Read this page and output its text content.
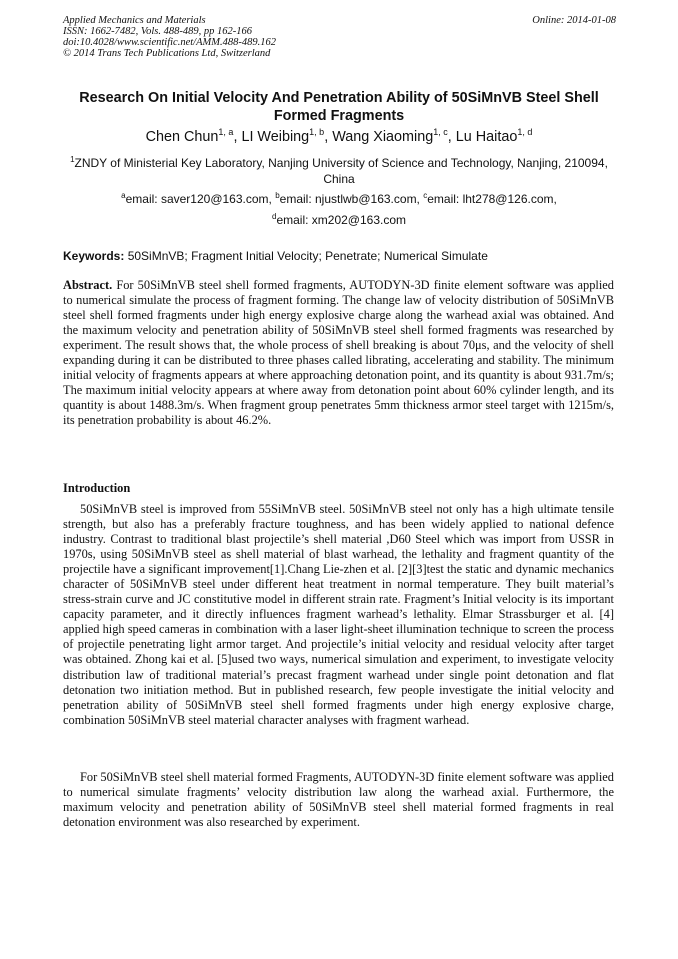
Applied Mechanics and Materials
ISSN: 1662-7482, Vols. 488-489, pp 162-166
doi:10.4028/www.scientific.net/AMM.488-489.162
© 2014 Trans Tech Publications Ltd, Switzerland
Online: 2014-01-08
Research On Initial Velocity And Penetration Ability of 50SiMnVB Steel Shell Formed Fragments
Chen Chun$^{1, a}$, LI Weibing$^{1, b}$, Wang Xiaoming$^{1, c}$, Lu Haitao$^{1, d}$
$^1$ZNDY of Ministerial Key Laboratory, Nanjing University of Science and Technology, Nanjing, 210094, China
$^a$email: saver120@163.com, $^b$email: njustlwb@163.com, $^c$email: lht278@126.com,
$^d$email: xm202@163.com
Keywords: 50SiMnVB; Fragment Initial Velocity; Penetrate; Numerical Simulate
Abstract. For 50SiMnVB steel shell formed fragments, AUTODYN-3D finite element software was applied to numerical simulate the process of fragment forming. The change law of velocity distribution of 50SiMnVB steel shell formed fragments under high energy explosive charge along the warhead axial was obtained. And the maximum velocity and penetration ability of 50SiMnVB steel shell formed fragments was researched by experiment. The result shows that, the whole process of shell breaking is about 70μs, and the velocity of shell expanding during it can be distributed to three phases called librating, accelerating and stability. The minimum initial velocity of fragments appears at where approaching detonation point, and its quantity is about 931.7m/s; The maximum initial velocity appears at where away from detonation point about 60% cylinder length, and its quantity is about 1488.3m/s. When fragment group penetrates 5mm thickness armor steel target with 1215m/s, its penetration probability is about 46.2%.
Introduction
50SiMnVB steel is improved from 55SiMnVB steel. 50SiMnVB steel not only has a high ultimate tensile strength, but also has a preferably fracture toughness, and has been widely applied to national defence industry. Contrast to traditional blast projectile’s shell material ,D60 Steel which was import from USSR in 1970s, using 50SiMnVB steel as shell material of blast warhead, the lethality and fragment quantity of the projectile have a significant improvement[1].Chang Lie-zhen et al. [2][3]test the static and dynamic mechanics character of 50SiMnVB steel under different heat treatment in normal temperature. They built material’s stress-strain curve and JC constitutive model in different strain rate. Fragment’s Initial velocity is its important capacity parameter, and it directly influences fragment warhead’s lethality. Elmar Strassburger et al. [4] applied high speed cameras in combination with a laser light-sheet illumination technique to screen the process of projectile penetrating light armor target. And projectile’s initial velocity and residual velocity after target was obtained. Zhong kai et al. [5]used two ways, numerical simulation and experiment, to investigate velocity distribution law of traditional material’s precast fragment warhead under single point detonation and flat detonation two initiation method. But in published research, few people investigate the initial velocity and penetration ability of 50SiMnVB steel shell formed fragments under high energy explosive charge, combination 50SiMnVB steel material character analyses with fragment warhead.
For 50SiMnVB steel shell material formed Fragments, AUTODYN-3D finite element software was applied to numerical simulate fragments’ velocity distribution law along the warhead axial. Furthermore, the maximum velocity and penetration ability of 50SiMnVB steel shell material formed fragments in real detonation environment was also researched by experiment.
